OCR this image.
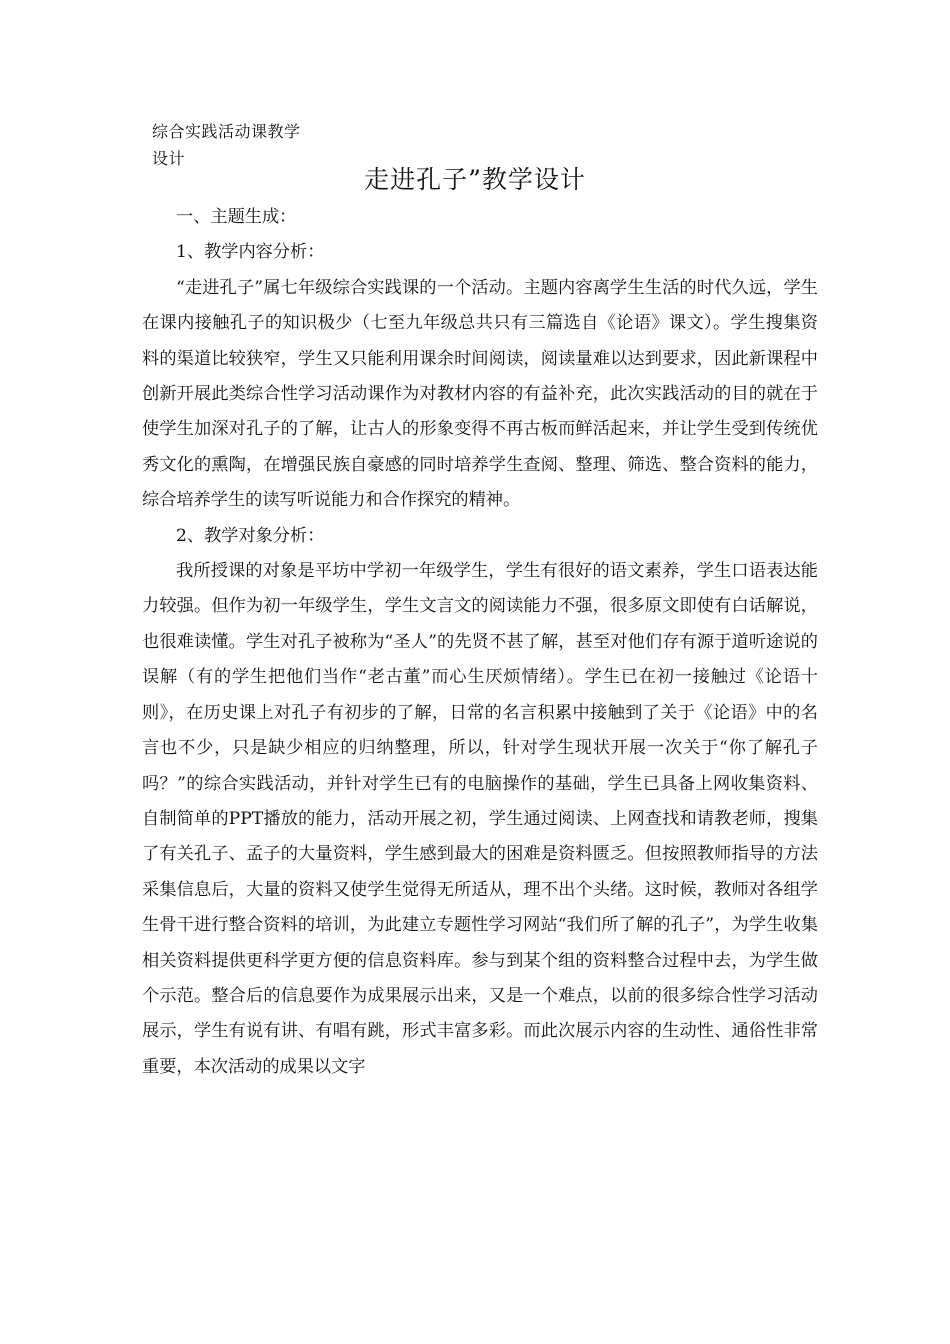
综合实践活动课教学设计
走进孔子”教学设计

一、主题生成：

1、教学内容分析：

“走进孔子”属七年级综合实践课的一个活动。主题内容离学生生活的时代久远，学生在课内接触孔子的知识极少（七至九年级总共只有三篇选自《论语》课文）。学生搜集资料的渠道比较狭窄，学生又只能利用课余时间阅读，阅读量难以达到要求，因此新课程中创新开展此类综合性学习活动课作为对教材内容的有益补充，此次实践活动的目的就在于使学生加深对孔子的了解，让古人的形象变得不再古板而鲜活起来，并让学生受到传统优秀文化的熏陶，在增强民族自豪感的同时培养学生查阅、整理、筛选、整合资料的能力，综合培养学生的读写听说能力和合作探究的精神。

2、教学对象分析：

我所授课的对象是平坊中学初一年级学生，学生有很好的语文素养，学生口语表达能力较强。但作为初一年级学生，学生文言文的阅读能力不强，很多原文即使有白话解说，也很难读懂。学生对孔子被称为“圣人”的先贤不甚了解，甚至对他们存有源于道听途说的误解（有的学生把他们当作“老古董”而心生厌烦情绪）。学生已在初一接触过《论语十则》，在历史课上对孔子有初步的了解，日常的名言积累中接触到了关于《论语》中的名言也不少，只是缺少相应的归纳整理，所以，针对学生现状开展一次关于“你了解孔子吗？”的综合实践活动，并针对学生已有的电脑操作的基础，学生已具备上网收集资料、自制简单的PPT播放的能力，活动开展之初，学生通过阅读、上网查找和请教老师，搜集了有关孔子、孟子的大量资料，学生感到最大的困难是资料匮乏。但按照教师指导的方法采集信息后，大量的资料又使学生觉得无所适从，理不出个头绪。这时候，教师对各组学生骨干进行整合资料的培训，为此建立专题性学习网站“我们所了解的孔子”，为学生收集相关资料提供更科学更方便的信息资料库。参与到某个组的资料整合过程中去，为学生做个示范。整合后的信息要作为成果展示出来，又是一个难点，以前的很多综合性学习活动展示，学生有说有讲、有唱有跳，形式丰富多彩。而此次展示内容的生动性、通俗性非常重要，本次活动的成果以文字
